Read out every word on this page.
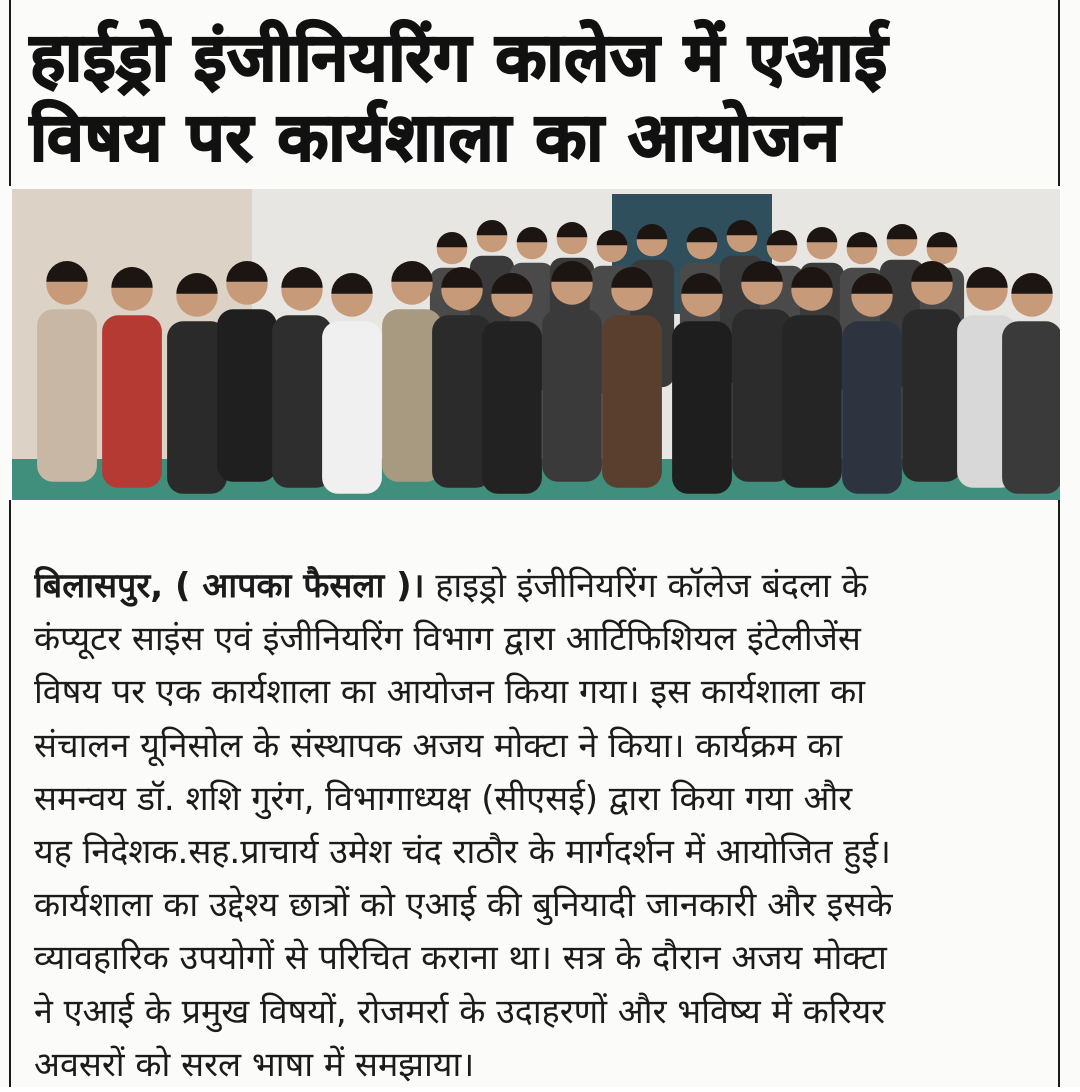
हाईड्रो इंजीनियरिंग कालेज में एआई
विषय पर कार्यशाला का आयोजन
बिलासपुर, ( आपका फैसला )। हाइड्रो इंजीनियरिंग कॉलेज बंदला के
कंप्यूटर साइंस एवं इंजीनियरिंग विभाग द्वारा आर्टिफिशियल इंटेलीजेंस
विषय पर एक कार्यशाला का आयोजन किया गया। इस कार्यशाला का
संचालन यूनिसोल के संस्थापक अजय मोक्टा ने किया। कार्यक्रम का
समन्वय डॉ. शशि गुरंग, विभागाध्यक्ष (सीएसई) द्वारा किया गया और
यह निदेशक.सह.प्राचार्य उमेश चंद राठौर के मार्गदर्शन में आयोजित हुई।
कार्यशाला का उद्देश्य छात्रों को एआई की बुनियादी जानकारी और इसके
व्यावहारिक उपयोगों से परिचित कराना था। सत्र के दौरान अजय मोक्टा
ने एआई के प्रमुख विषयों, रोजमर्रा के उदाहरणों और भविष्य में करियर
अवसरों को सरल भाषा में समझाया।
